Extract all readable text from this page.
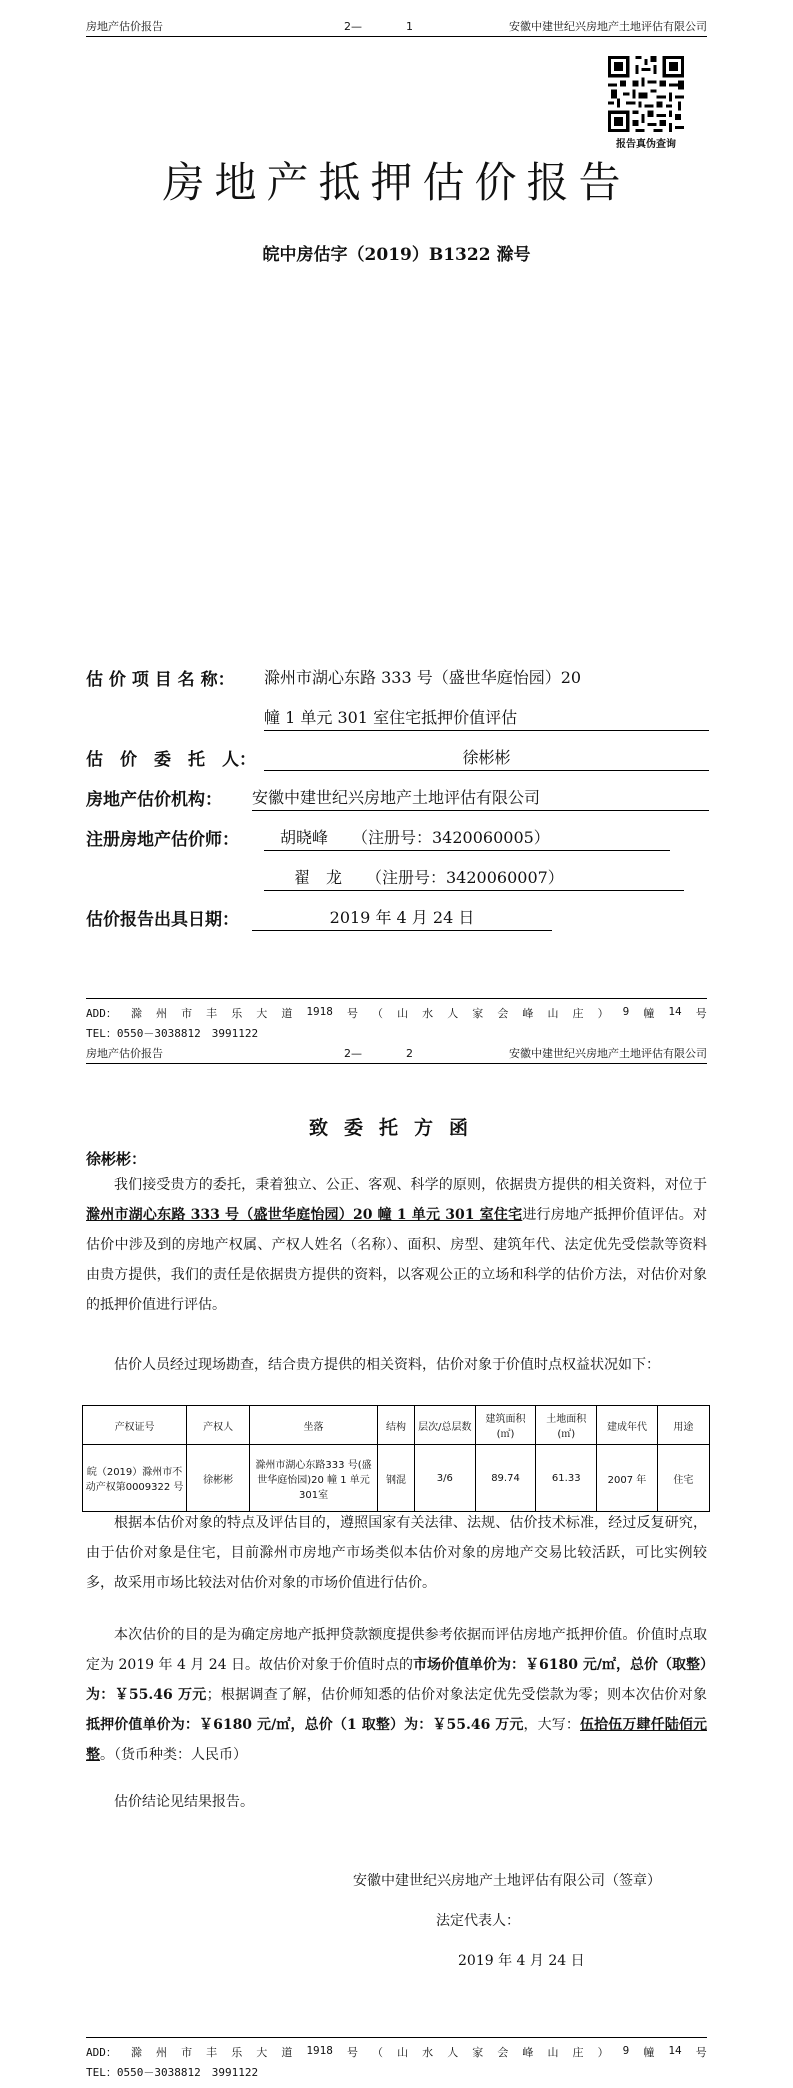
房地产估价报告	2—　　　　1	安徽中建世纪兴房地产土地评估有限公司
报告真伪查询
房地产抵押估价报告
皖中房估字（2019）B1322 滁号
估 价 项 目 名 称： 滁州市湖心东路 333 号（盛世华庭怡园）20
幢 1 单元 301 室住宅抵押价值评估
估　价　委　托　人：	徐彬彬
房地产估价机构： 安徽中建世纪兴房地产土地评估有限公司
注册房地产估价师：	胡晓峰　　（注册号：3420060005）
翟　龙　　（注册号：3420060007）
估价报告出具日期：	2019 年 4 月 24 日
ADD： 滁 州 市 丰 乐 大 道 1918 号 （ 山 水 人 家 会 峰 山 庄 ） 9 幢 14 号
TEL：0550－3038812　3991122
房地产估价报告	2—　　　　2	安徽中建世纪兴房地产土地评估有限公司
致委托方函
徐彬彬：

我们接受贵方的委托，秉着独立、公正、客观、科学的原则，依据贵方提供的相关资料，对位于滁州市湖心东路 333 号（盛世华庭怡园）20 幢 1 单元 301 室住宅进行房地产抵押价值评估。对估价中涉及到的房地产权属、产权人姓名（名称）、面积、房型、建筑年代、法定优先受偿款等资料由贵方提供，我们的责任是依据贵方提供的资料，以客观公正的立场和科学的估价方法，对估价对象的抵押价值进行评估。

估价人员经过现场勘查，结合贵方提供的相关资料，估价对象于价值时点权益状况如下：

产权证号	产权人	坐落	结构	层次/总层数	建筑面积(㎡)	土地面积(㎡)	建成年代	用途
皖（2019）滁州市不动产权第0009322 号	徐彬彬	滁州市湖心东路333 号(盛世华庭怡园)20 幢 1 单元 301室	钢混	3/6	89.74	61.33	2007 年	住宅

根据本估价对象的特点及评估目的，遵照国家有关法律、法规、估价技术标准，经过反复研究，由于估价对象是住宅，目前滁州市房地产市场类似本估价对象的房地产交易比较活跃，可比实例较多，故采用市场比较法对估价对象的市场价值进行估价。

本次估价的目的是为确定房地产抵押贷款额度提供参考依据而评估房地产抵押价值。价值时点取定为 2019 年 4 月 24 日。故估价对象于价值时点的市场价值单价为：￥6180 元/㎡，总价（取整）为：￥55.46 万元；根据调查了解，估价师知悉的估价对象法定优先受偿款为零；则本次估价对象抵押价值单价为：￥6180 元/㎡，总价（1 取整）为：￥55.46 万元，大写：伍拾伍万肆仟陆佰元整。（货币种类：人民币）

估价结论见结果报告。

安徽中建世纪兴房地产土地评估有限公司（签章）
法定代表人：
2019 年 4 月 24 日
ADD： 滁 州 市 丰 乐 大 道 1918 号 （ 山 水 人 家 会 峰 山 庄 ） 9 幢 14 号
TEL：0550－3038812　3991122
